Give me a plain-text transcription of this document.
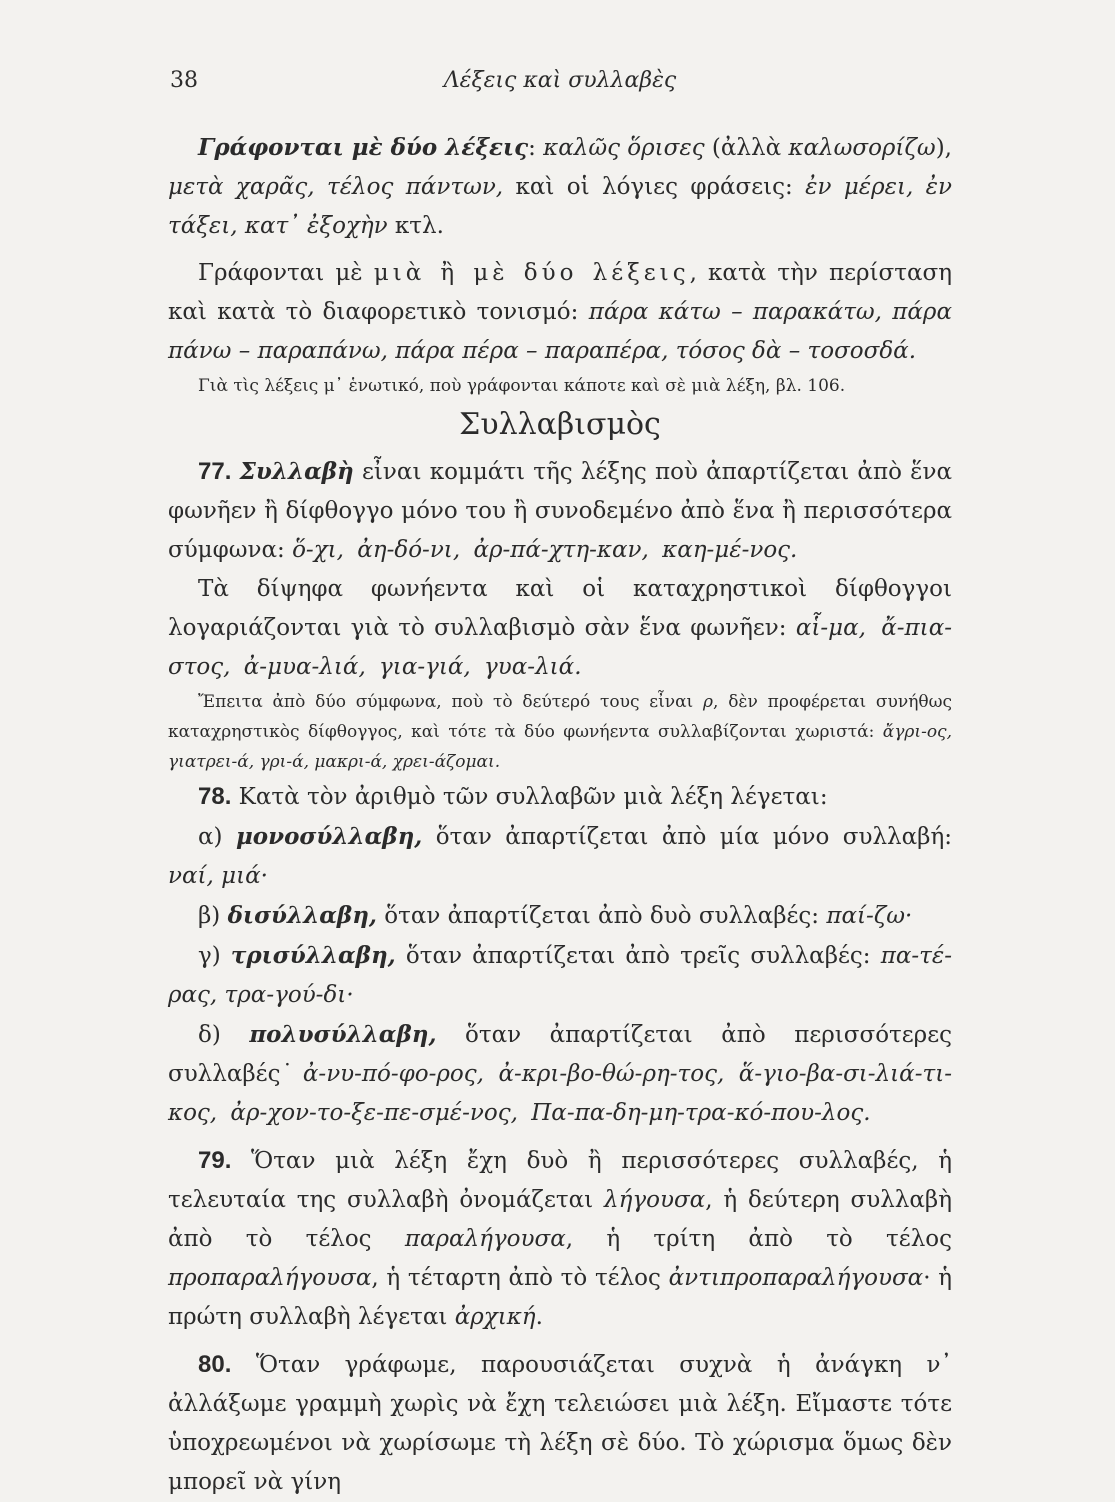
38	Λέξεις καὶ συλλαβὲς

Γράφονται μὲ δύο λέξεις: καλῶς ὅρισες (ἀλλὰ καλωσορίζω), μετὰ χαρᾶς, τέλος πάντων, καὶ οἱ λόγιες φράσεις: ἐν μέρει, ἐν τάξει, κατ᾽ ἐξοχὴν κτλ.

Γράφονται μὲ μιὰ ἢ μὲ δύο λέξεις, κατὰ τὴν περίσταση καὶ κατὰ τὸ διαφορετικὸ τονισμό: πάρα κάτω – παρακάτω, πάρα πάνω – παραπάνω, πάρα πέρα – παραπέρα, τόσος δὰ – τοσοσδά.

Γιὰ τὶς λέξεις μ᾽ ἑνωτικό, ποὺ γράφονται κάποτε καὶ σὲ μιὰ λέξη, βλ. 106.

Συλλαβισμὸς

77. Συλλαβὴ εἶναι κομμάτι τῆς λέξης ποὺ ἀπαρτίζεται ἀπὸ ἕνα φωνῆεν ἢ δίφθογγο μόνο του ἢ συνοδεμένο ἀπὸ ἕνα ἢ περισσότερα σύμφωνα: ὅ-χι, ἀη-δό-νι, ἀρ-πά-χτη-καν, καη-μέ-νος.

Τὰ δίψηφα φωνήεντα καὶ οἱ καταχρηστικοὶ δίφθογγοι λογαριάζονται γιὰ τὸ συλλαβισμὸ σὰν ἕνα φωνῆεν: αἷ-μα, ἄ-πια-στος, ἀ-μυα-λιά, για-γιά, γυα-λιά.

Ἔπειτα ἀπὸ δύο σύμφωνα, ποὺ τὸ δεύτερό τους εἶναι ρ, δὲν προφέρεται συνήθως καταχρηστικὸς δίφθογγος, καὶ τότε τὰ δύο φωνήεντα συλλαβίζονται χωριστά: ἄγρι-ος, γιατρει-ά, γρι-ά, μακρι-ά, χρει-άζομαι.

78. Κατὰ τὸν ἀριθμὸ τῶν συλλαβῶν μιὰ λέξη λέγεται:

α) μονοσύλλαβη, ὅταν ἀπαρτίζεται ἀπὸ μία μόνο συλλαβή: ναί, μιά·

β) δισύλλαβη, ὅταν ἀπαρτίζεται ἀπὸ δυὸ συλλαβές: παί-ζω·

γ) τρισύλλαβη, ὅταν ἀπαρτίζεται ἀπὸ τρεῖς συλλαβές: πα-τέ-ρας, τρα-γού-δι·

δ) πολυσύλλαβη, ὅταν ἀπαρτίζεται ἀπὸ περισσότερες συλλαβές˙ ἀ-νυ-πό-φο-ρος, ἀ-κρι-βο-θώ-ρη-τος, ἅ-γιο-βα-σι-λιά-τι-κος, ἀρ-χον-το-ξε-πε-σμέ-νος, Πα-πα-δη-μη-τρα-κό-που-λος.

79. Ὅταν μιὰ λέξη ἔχη δυὸ ἢ περισσότερες συλλαβές, ἡ τελευταία της συλλαβὴ ὀνομάζεται λήγουσα, ἡ δεύτερη συλλαβὴ ἀπὸ τὸ τέλος παραλήγουσα, ἡ τρίτη ἀπὸ τὸ τέλος προπαραλήγουσα, ἡ τέταρτη ἀπὸ τὸ τέλος ἀντιπροπαραλήγουσα· ἡ πρώτη συλλαβὴ λέγεται ἀρχική.

80. Ὅταν γράφωμε, παρουσιάζεται συχνὰ ἡ ἀνάγκη ν᾽ ἀλλάξωμε γραμμὴ χωρὶς νὰ ἔχη τελειώσει μιὰ λέξη. Εἴμαστε τότε ὑποχρεωμένοι νὰ χωρίσωμε τὴ λέξη σὲ δύο. Τὸ χώρισμα ὅμως δὲν μπορεῖ νὰ γίνη
